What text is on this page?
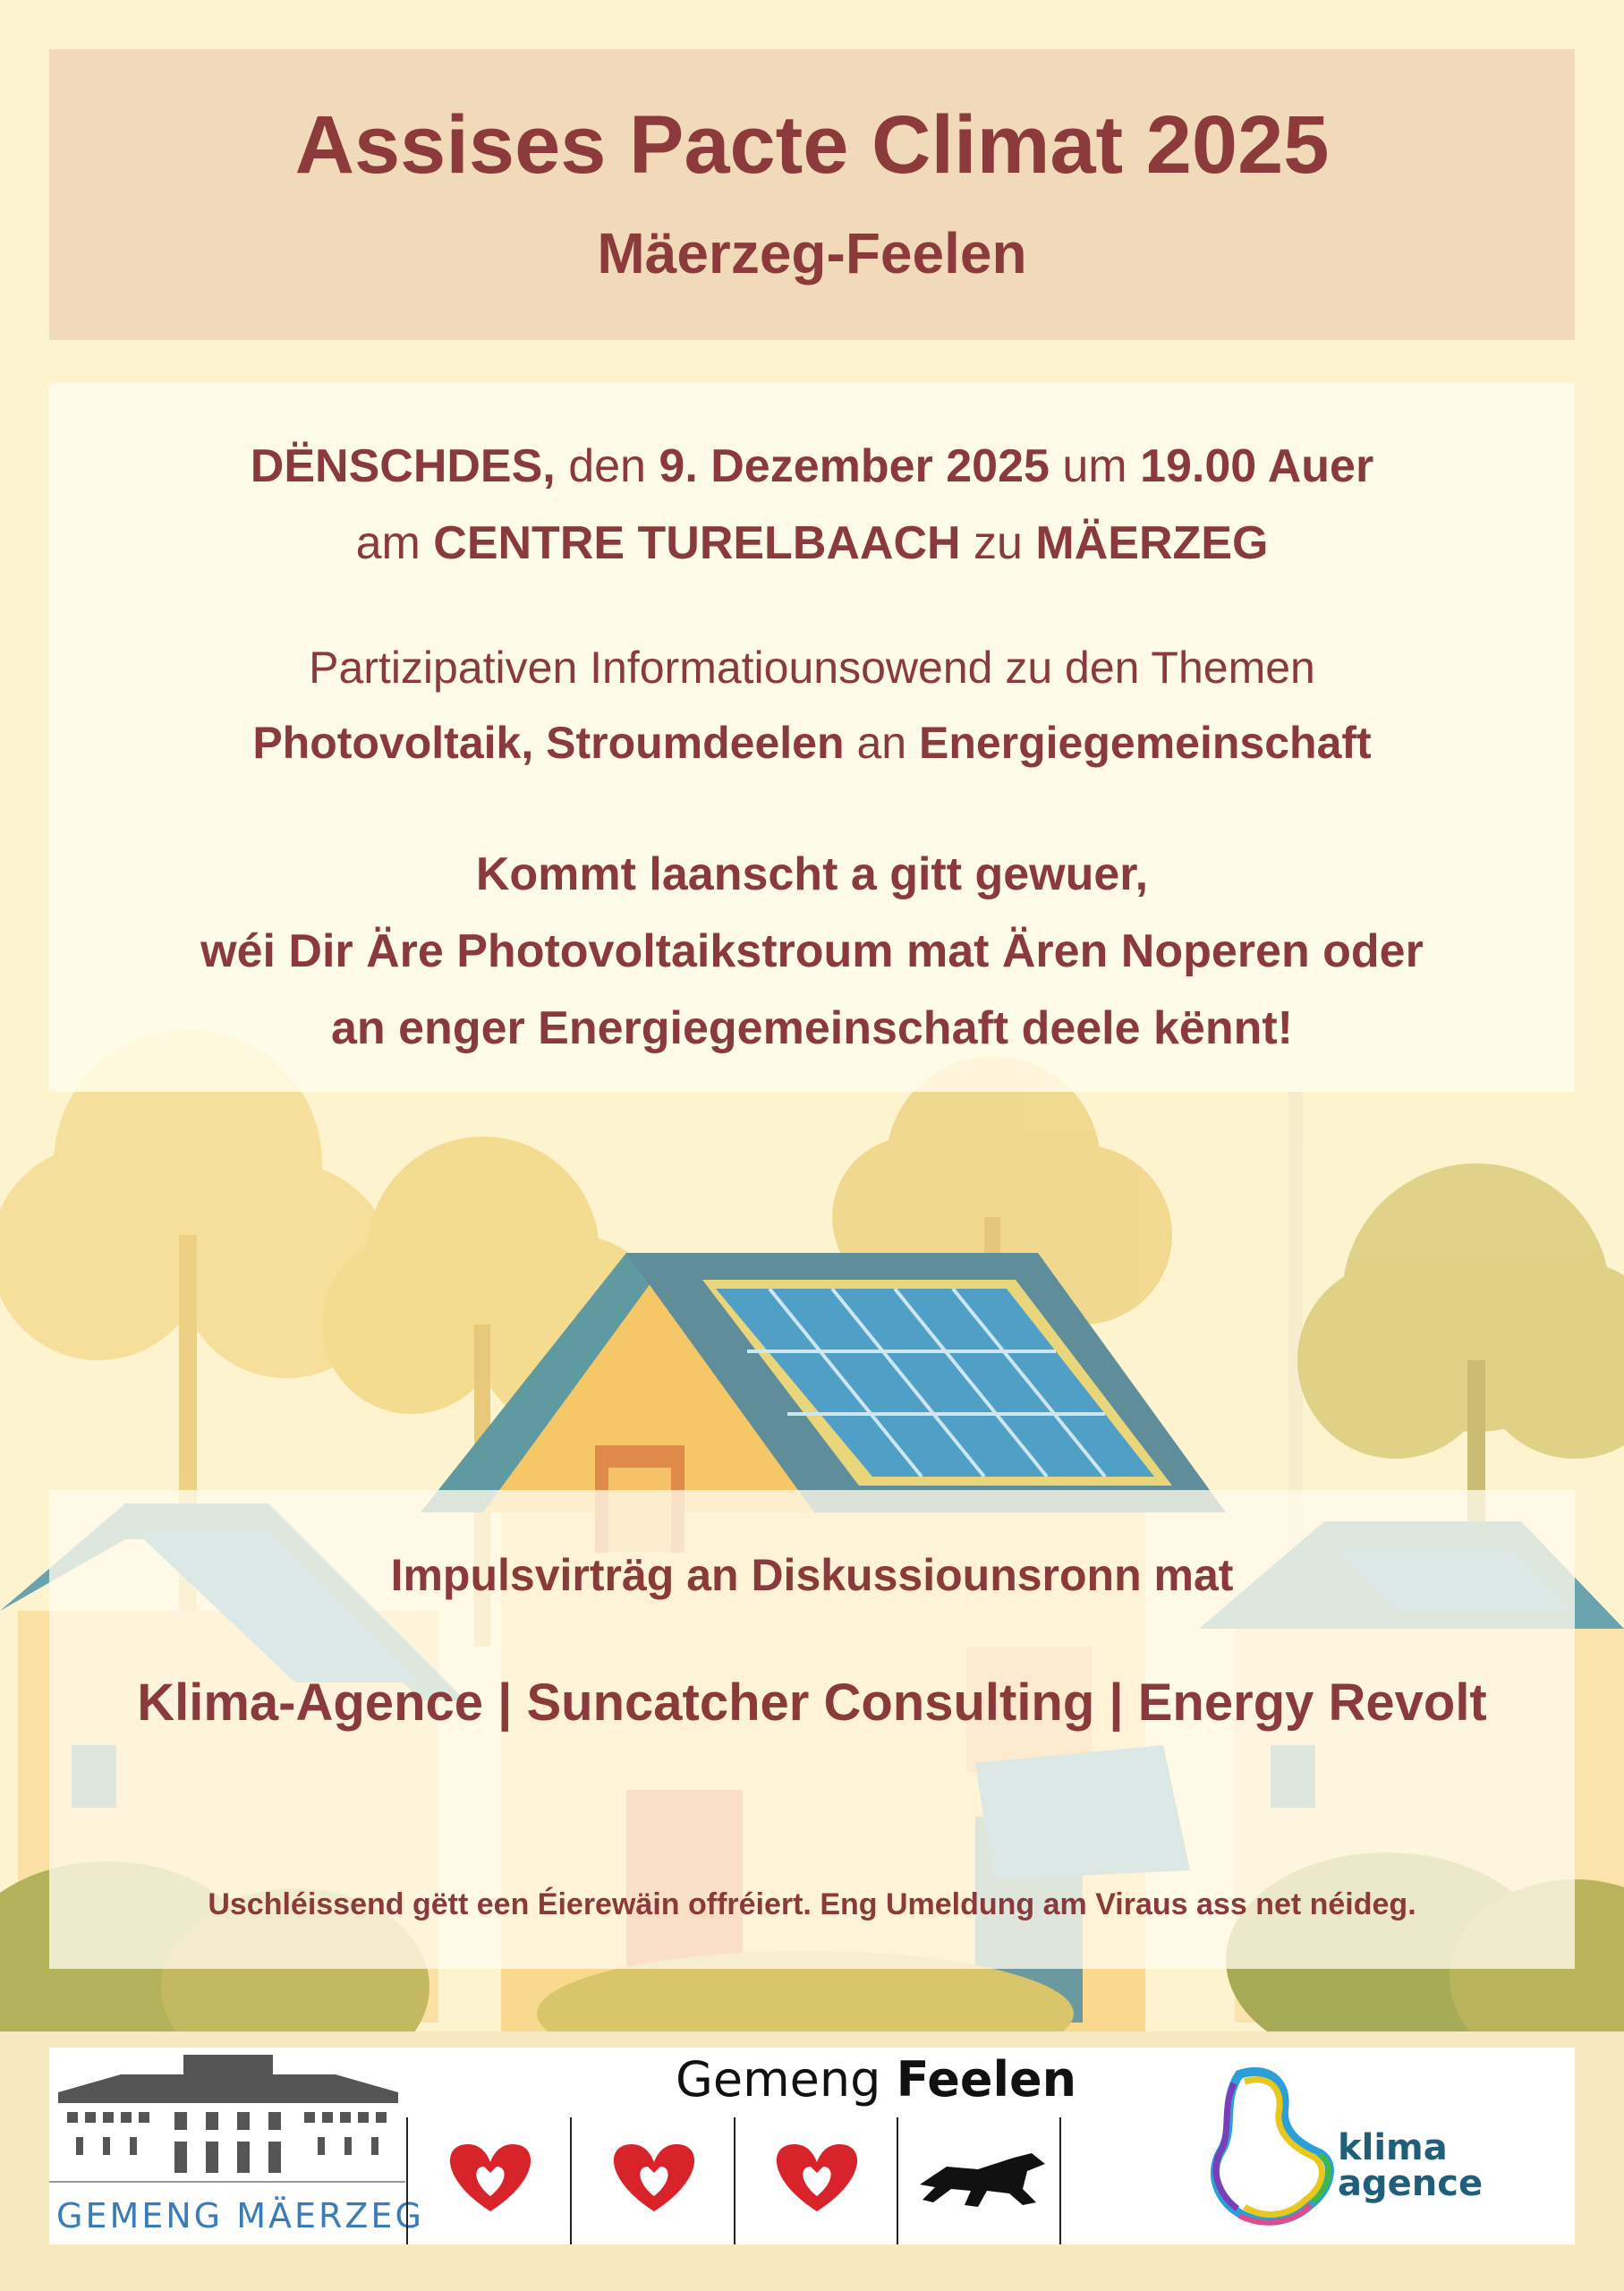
Assises Pacte Climat 2025
Mäerzeg-Feelen
DËNSCHDES, den 9. Dezember 2025 um 19.00 Auer
am CENTRE TURELBAACH zu MÄERZEG
Partizipativen Informatiounsowend zu den Themen
Photovoltaik, Stroumdeelen an Energiegemeinschaft
Kommt laanscht a gitt gewuer,
wéi Dir Äre Photovoltaikstroum mat Ären Noperen oder
an enger Energiegemeinschaft deele kënnt!
Impulsvirträg an Diskussiounsronn mat
Klima-Agence | Suncatcher Consulting | Energy Revolt
Uschléissend gëtt een Éierewäin offréiert. Eng Umeldung am Viraus ass net néideg.
GEMENG MÄERZEG
Gemeng Feelen
klima
agence
